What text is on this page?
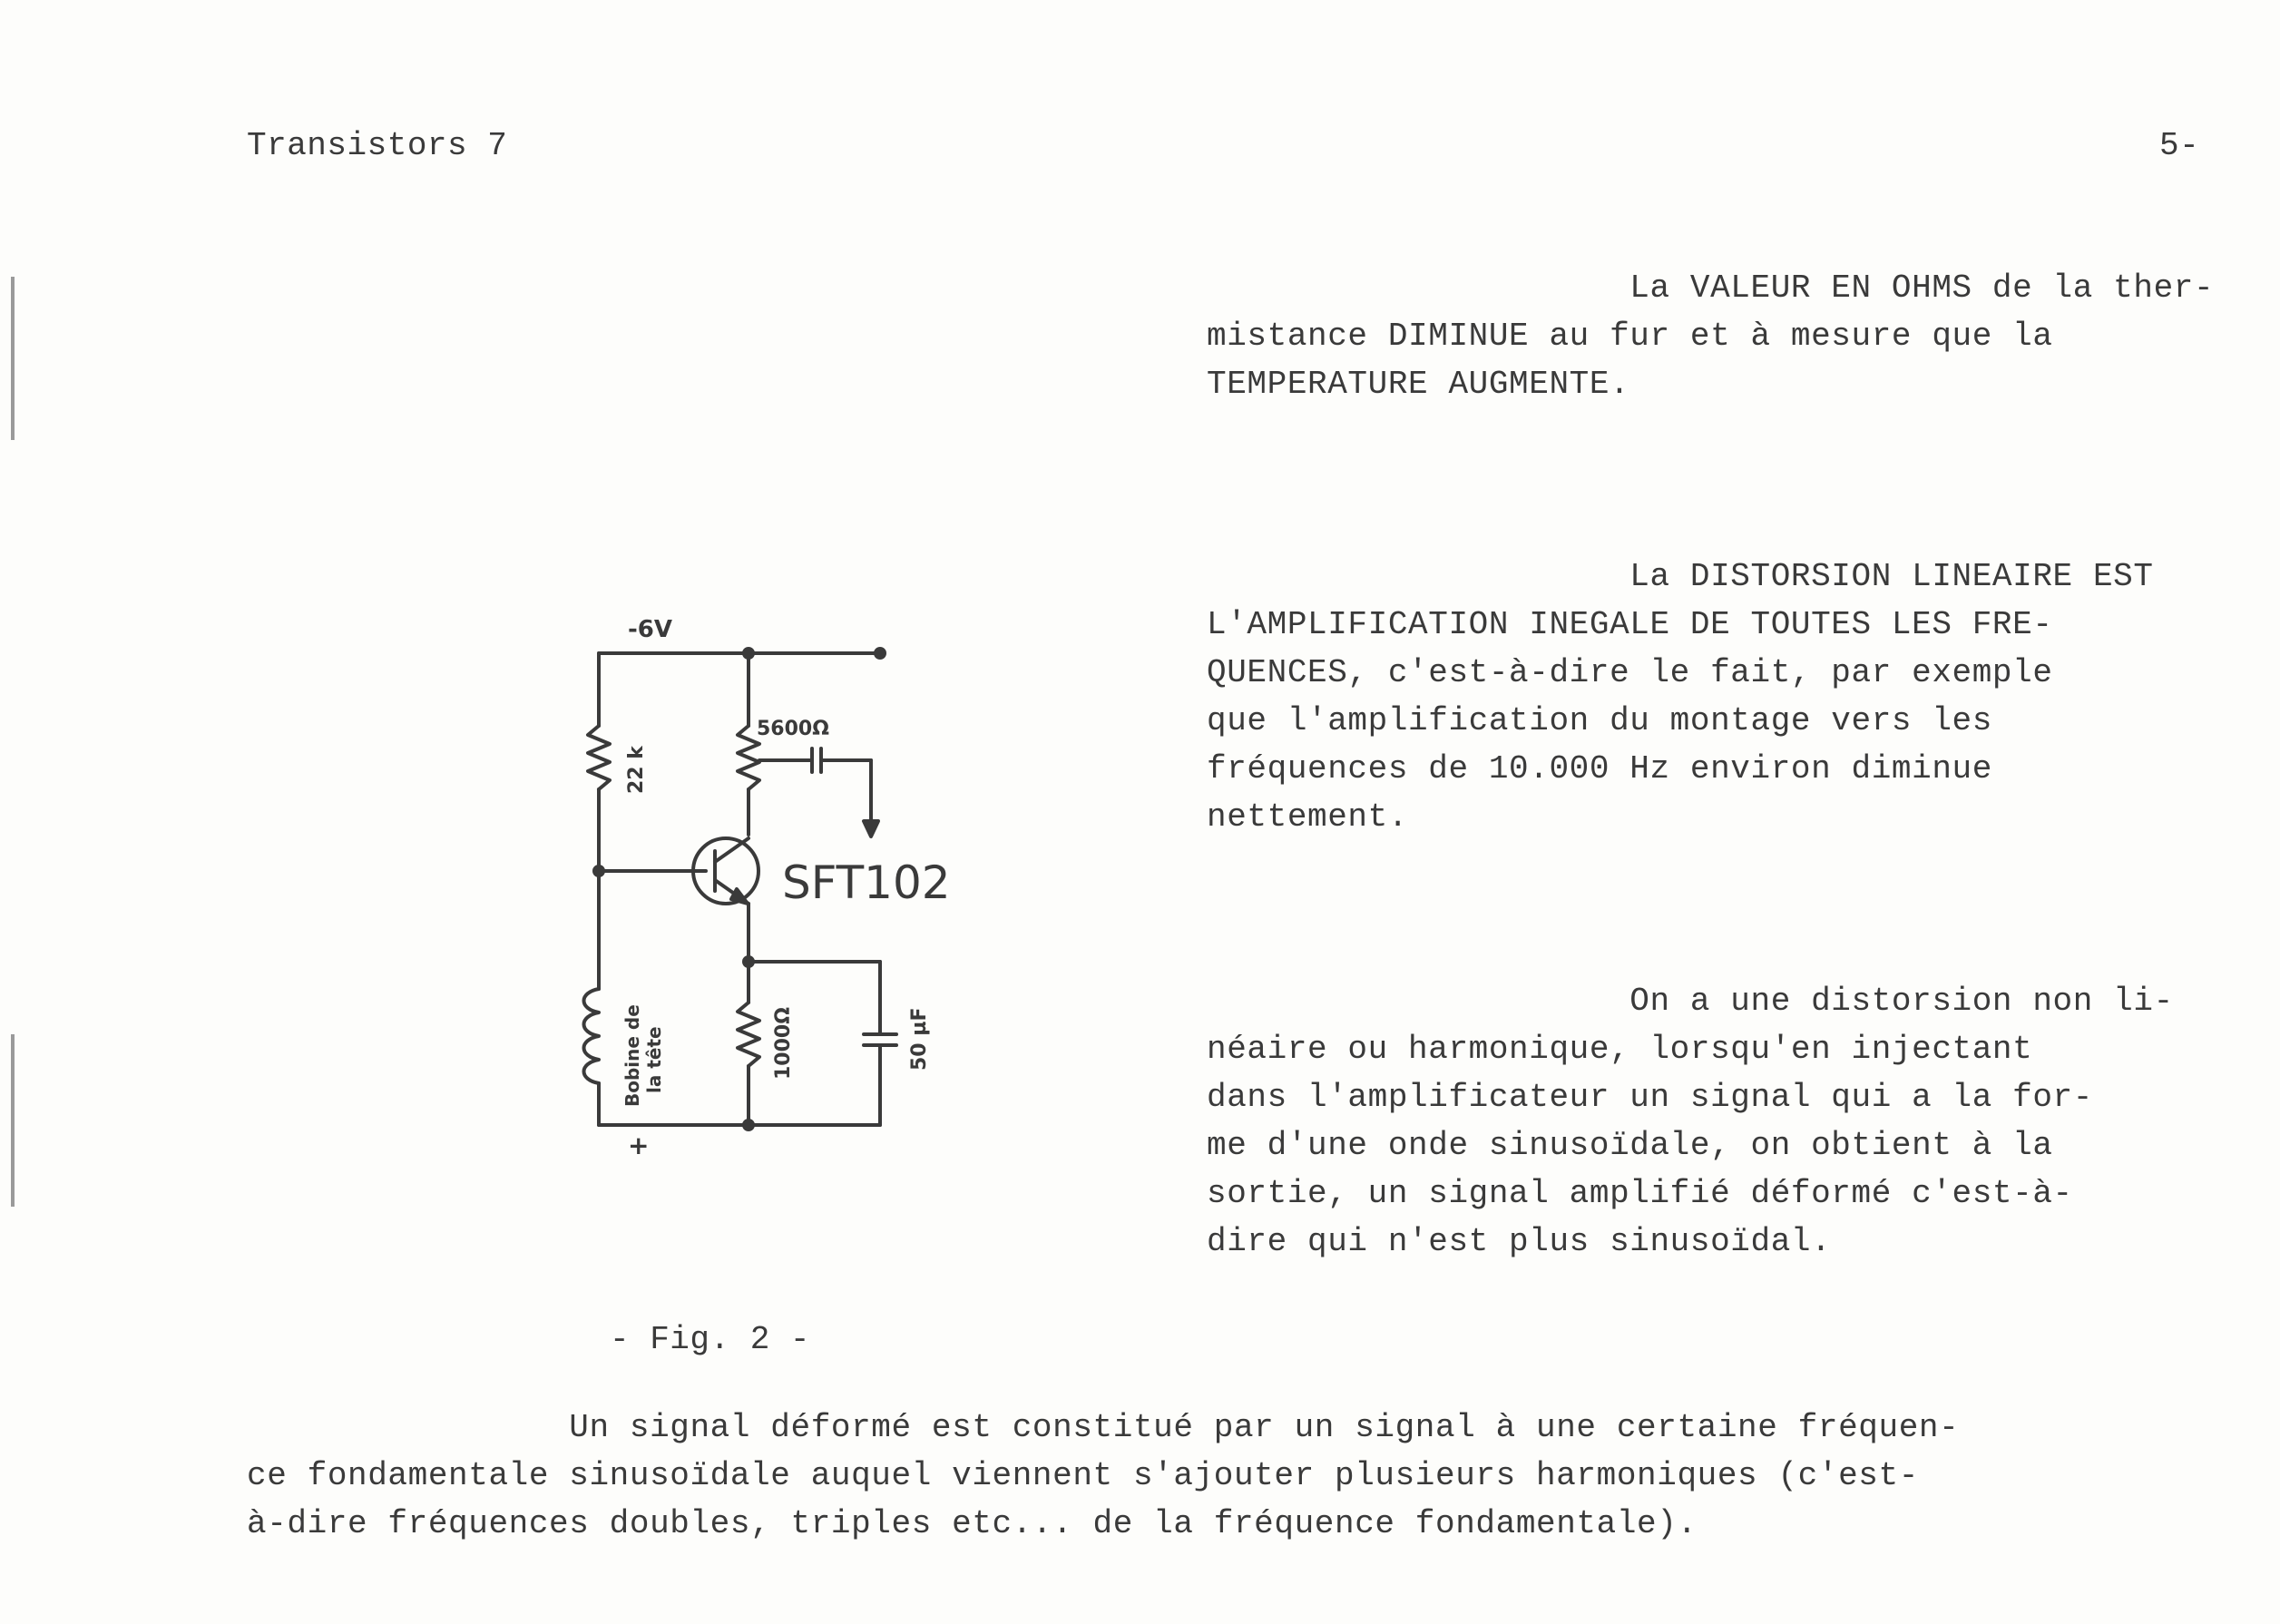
Transistors 7	5-
La VALEUR EN OHMS de la ther-
mistance DIMINUE au fur et à mesure que la
TEMPERATURE AUGMENTE.
La DISTORSION LINEAIRE EST
L'AMPLIFICATION INEGALE DE TOUTES LES FRE-
QUENCES, c'est-à-dire le fait, par exemple
que l'amplification du montage vers les
fréquences de 10.000 Hz environ diminue
nettement.
On a une distorsion non li-
néaire ou harmonique, lorsqu'en injectant
dans l'amplificateur un signal qui a la for-
me d'une onde sinusoïdale, on obtient à la
sortie, un signal amplifié déformé c'est-à-
dire qui n'est plus sinusoïdal.
-6V
22 k
5600Ω
SFT102
Bobine de la tête	1000Ω	50 µF
+
- Fig. 2 -
Un signal déformé est constitué par un signal à une certaine fréquen-
ce fondamentale sinusoïdale auquel viennent s'ajouter plusieurs harmoniques (c'est-
à-dire fréquences doubles, triples etc... de la fréquence fondamentale).
